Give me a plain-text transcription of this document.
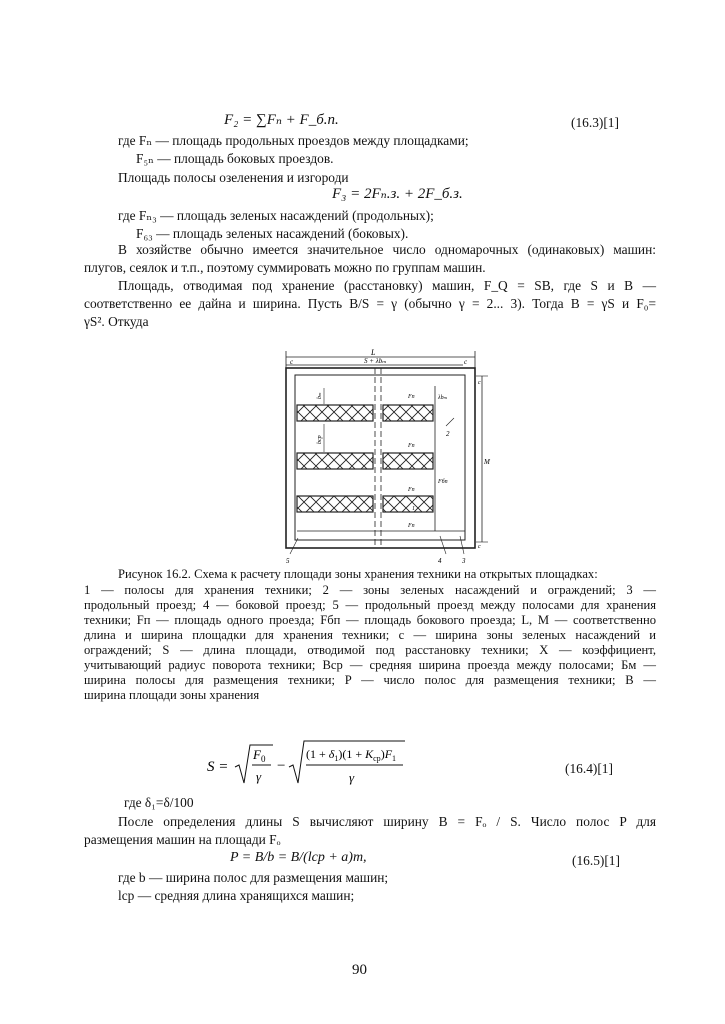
F₂ = ∑Fₙ + F_б.п.	(16.3)[1]
где Fₙ — площадь продольных проездов между площадками;
F₅ₙ — площадь боковых проездов.
Площадь полосы озеленения и изгороди
F₃ = 2Fₙ.з. + 2F_б.з.
где Fₙ₃ — площадь зеленых насаждений (продольных);
F₆₃ — площадь зеленых насаждений (боковых).
В хозяйстве обычно имеется значительное число одномарочных (одинаковых) машин:
плугов, сеялок и т.п., поэтому суммировать можно по группам машин.
Площадь, отводимая под хранение (расстановку) машин, F_Q = SB, где S и B —
соответственно ее дайна и ширина. Пусть B/S = γ (обычно γ = 2... 3). Тогда B = γS и F₀=
γS². Откуда
L
S + λbₘ
c	c
Fп
Fп
Fп
Fп
Fбп
λbₘ
bₘ
bср
M
c
c
2
5	4	3
1
Рисунок 16.2. Схема к расчету площади зоны хранения техники на открытых площадках:
1 — полосы для хранения техники; 2 — зоны зеленых насаждений и ограждений; 3 —
продольный проезд; 4 — боковой проезд; 5 — продольный проезд между полосами для хранения
техники; Fп — площадь одного проезда; Fбп — площадь бокового проезда; L, M — соответственно
длина и ширина площадки для хранения техники; c — ширина зоны зеленых насаждений и
ограждений; S — длина площади, отводимой под расстановку техники; X — коэффициент,
учитывающий радиус поворота техники; Bср — средняя ширина проезда между полосами; Бм —
ширина полосы для размещения техники; P — число полос для размещения техники; B —
ширина площади зоны хранения
S =
F 0
γ
−
$(1 + \delta_1)(1 + K_{ср})F_1$
γ
(16.4)[1]
где δ₁=δ/100
После определения длины S вычисляют ширину B = Fₒ / S. Число полос P для
размещения машин на площади Fₒ
P = B/b = B/(lср + a)m,	(16.5)[1]
где b — ширина полос для размещения машин;
lср — средняя длина хранящихся машин;
90
